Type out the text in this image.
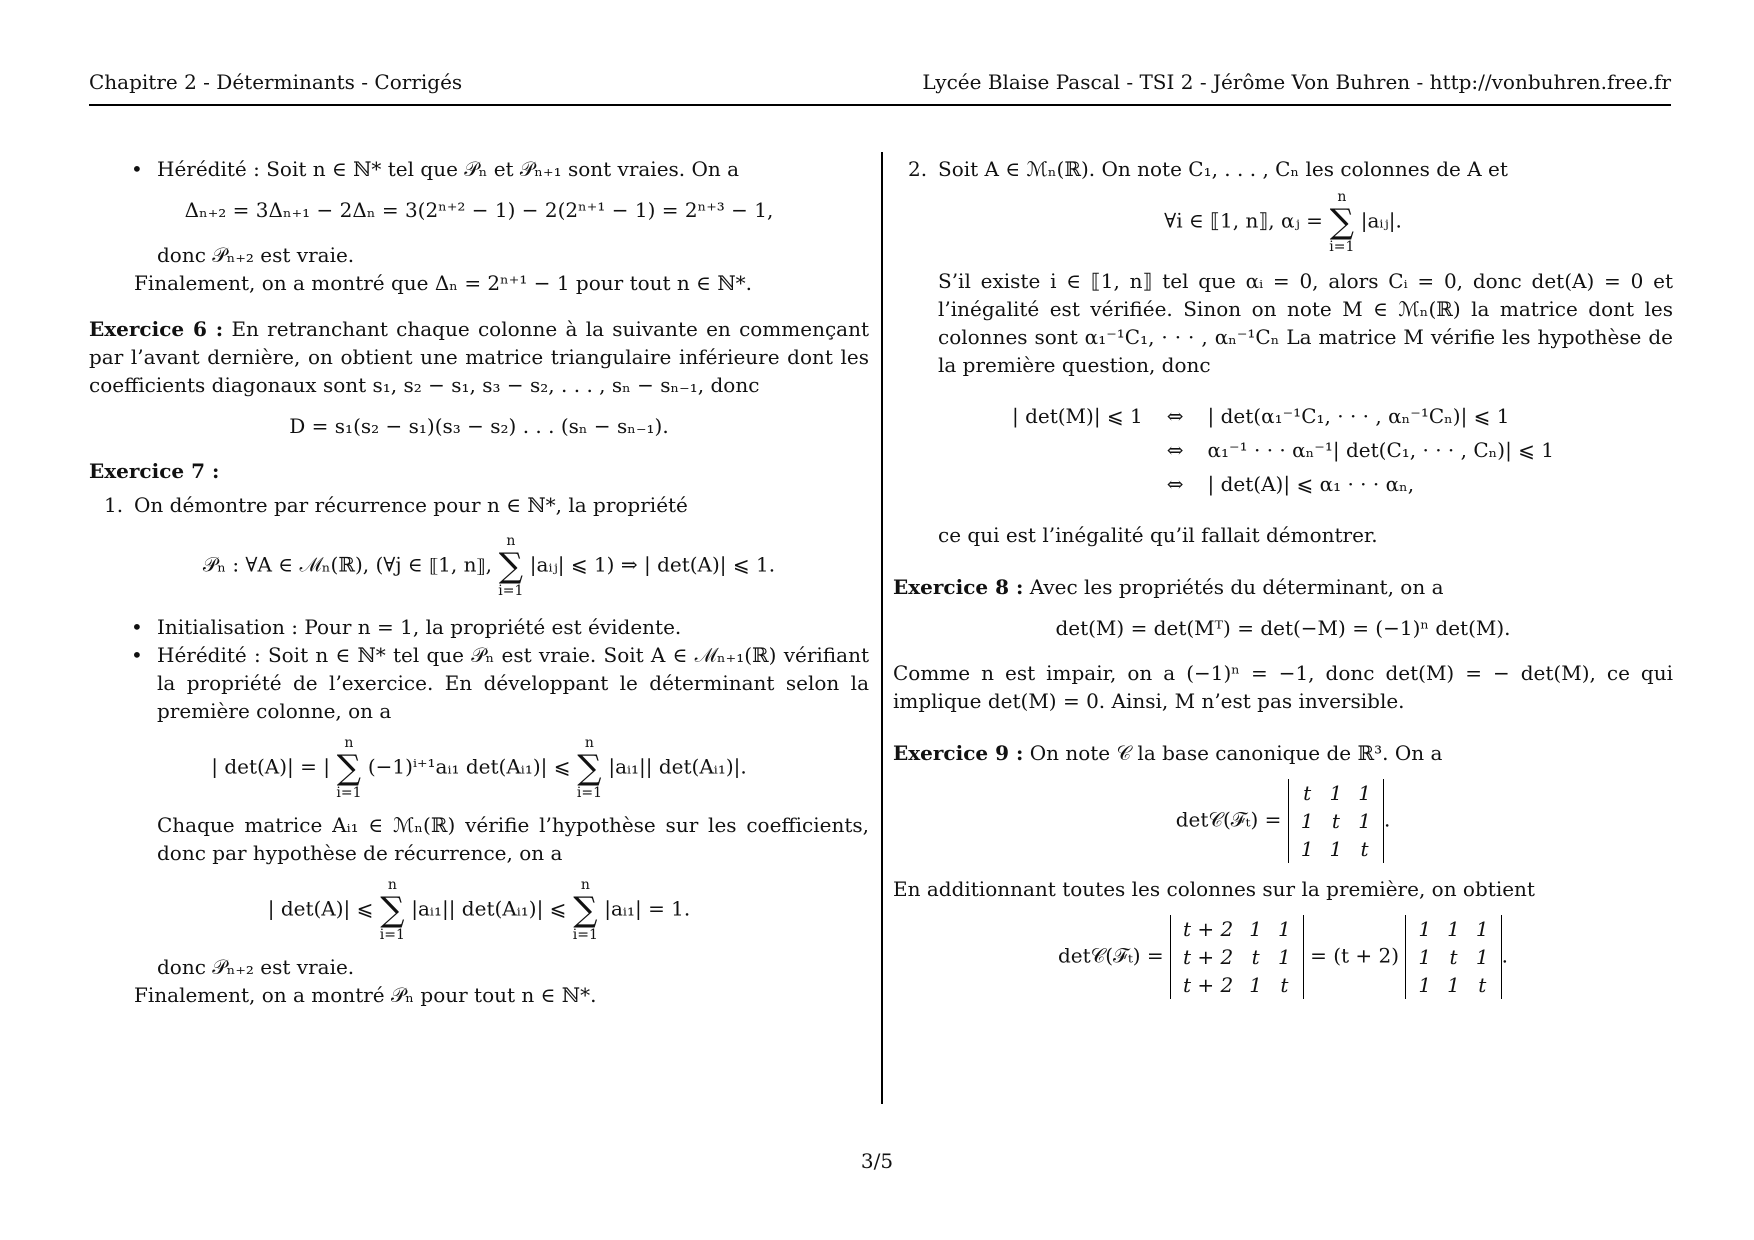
Chapitre 2 - Déterminants - Corrigés	Lycée Blaise Pascal - TSI 2 - Jérôme Von Buhren - http://vonbuhren.free.fr

• Hérédité : Soit n ∈ ℕ* tel que 𝒫ₙ et 𝒫ₙ₊₁ sont vraies. On a

Δₙ₊₂ = 3Δₙ₊₁ − 2Δₙ = 3(2ⁿ⁺² − 1) − 2(2ⁿ⁺¹ − 1) = 2ⁿ⁺³ − 1,

donc 𝒫ₙ₊₂ est vraie.

Finalement, on a montré que Δₙ = 2ⁿ⁺¹ − 1 pour tout n ∈ ℕ*.

Exercice 6 : En retranchant chaque colonne à la suivante en commençant par l’avant dernière, on obtient une matrice triangulaire inférieure dont les coefficients diagonaux sont s₁, s₂ − s₁, s₃ − s₂, . . . , sₙ − sₙ₋₁, donc

D = s₁(s₂ − s₁)(s₃ − s₂) . . . (sₙ − sₙ₋₁).

Exercice 7 :

1. On démontre par récurrence pour n ∈ ℕ*, la propriété

𝒫ₙ : ∀A ∈ ℳₙ(ℝ), (∀j ∈ ⟦1, n⟧, n
∑
i=1 |aᵢⱼ| ⩽ 1) ⇒ | det(A)| ⩽ 1.

• Initialisation : Pour n = 1, la propriété est évidente.

• Hérédité : Soit n ∈ ℕ* tel que 𝒫ₙ est vraie. Soit A ∈ ℳₙ₊₁(ℝ) vérifiant la propriété de l’exercice. En développant le déterminant selon la première colonne, on a

| det(A)| = | n
∑
i=1 (−1)ⁱ⁺¹aᵢ₁ det(Aᵢ₁)| ⩽ n
∑
i=1 |aᵢ₁|| det(Aᵢ₁)|.

Chaque matrice Aᵢ₁ ∈ ℳₙ(ℝ) vérifie l’hypothèse sur les coefficients, donc par hypothèse de récurrence, on a

| det(A)| ⩽ n
∑
i=1 |aᵢ₁|| det(Aᵢ₁)| ⩽ n
∑
i=1 |aᵢ₁| = 1.

donc 𝒫ₙ₊₂ est vraie.

Finalement, on a montré 𝒫ₙ pour tout n ∈ ℕ*.

2. Soit A ∈ ℳₙ(ℝ). On note C₁, . . . , Cₙ les colonnes de A et

∀i ∈ ⟦1, n⟧, αⱼ = n
∑
i=1 |aᵢⱼ|.

S’il existe i ∈ ⟦1, n⟧ tel que αᵢ = 0, alors Cᵢ = 0, donc det(A) = 0 et l’inégalité est vérifiée. Sinon on note M ∈ ℳₙ(ℝ) la matrice dont les colonnes sont α₁⁻¹C₁, · · · , αₙ⁻¹Cₙ La matrice M vérifie les hypothèse de la première question, donc

| det(M)| ⩽ 1 ⇔ | det(α₁⁻¹C₁, · · · , αₙ⁻¹Cₙ)| ⩽ 1
⇔ α₁⁻¹ · · · αₙ⁻¹| det(C₁, · · · , Cₙ)| ⩽ 1
⇔ | det(A)| ⩽ α₁ · · · αₙ,

ce qui est l’inégalité qu’il fallait démontrer.

Exercice 8 : Avec les propriétés du déterminant, on a

det(M) = det(Mᵀ) = det(−M) = (−1)ⁿ det(M).

Comme n est impair, on a (−1)ⁿ = −1, donc det(M) = − det(M), ce qui implique det(M) = 0. Ainsi, M n’est pas inversible.

Exercice 9 : On note 𝒞 la base canonique de ℝ³. On a

det𝒞(ℱₜ) =
t	1	1
1	t	1
1	1	t
.

En additionnant toutes les colonnes sur la première, on obtient

det𝒞(ℱₜ) =
t + 2	1	1
t + 2	t	1
t + 2	1	t
= (t + 2)
1	1	1
1	t	1
1	1	t
.
3/5
